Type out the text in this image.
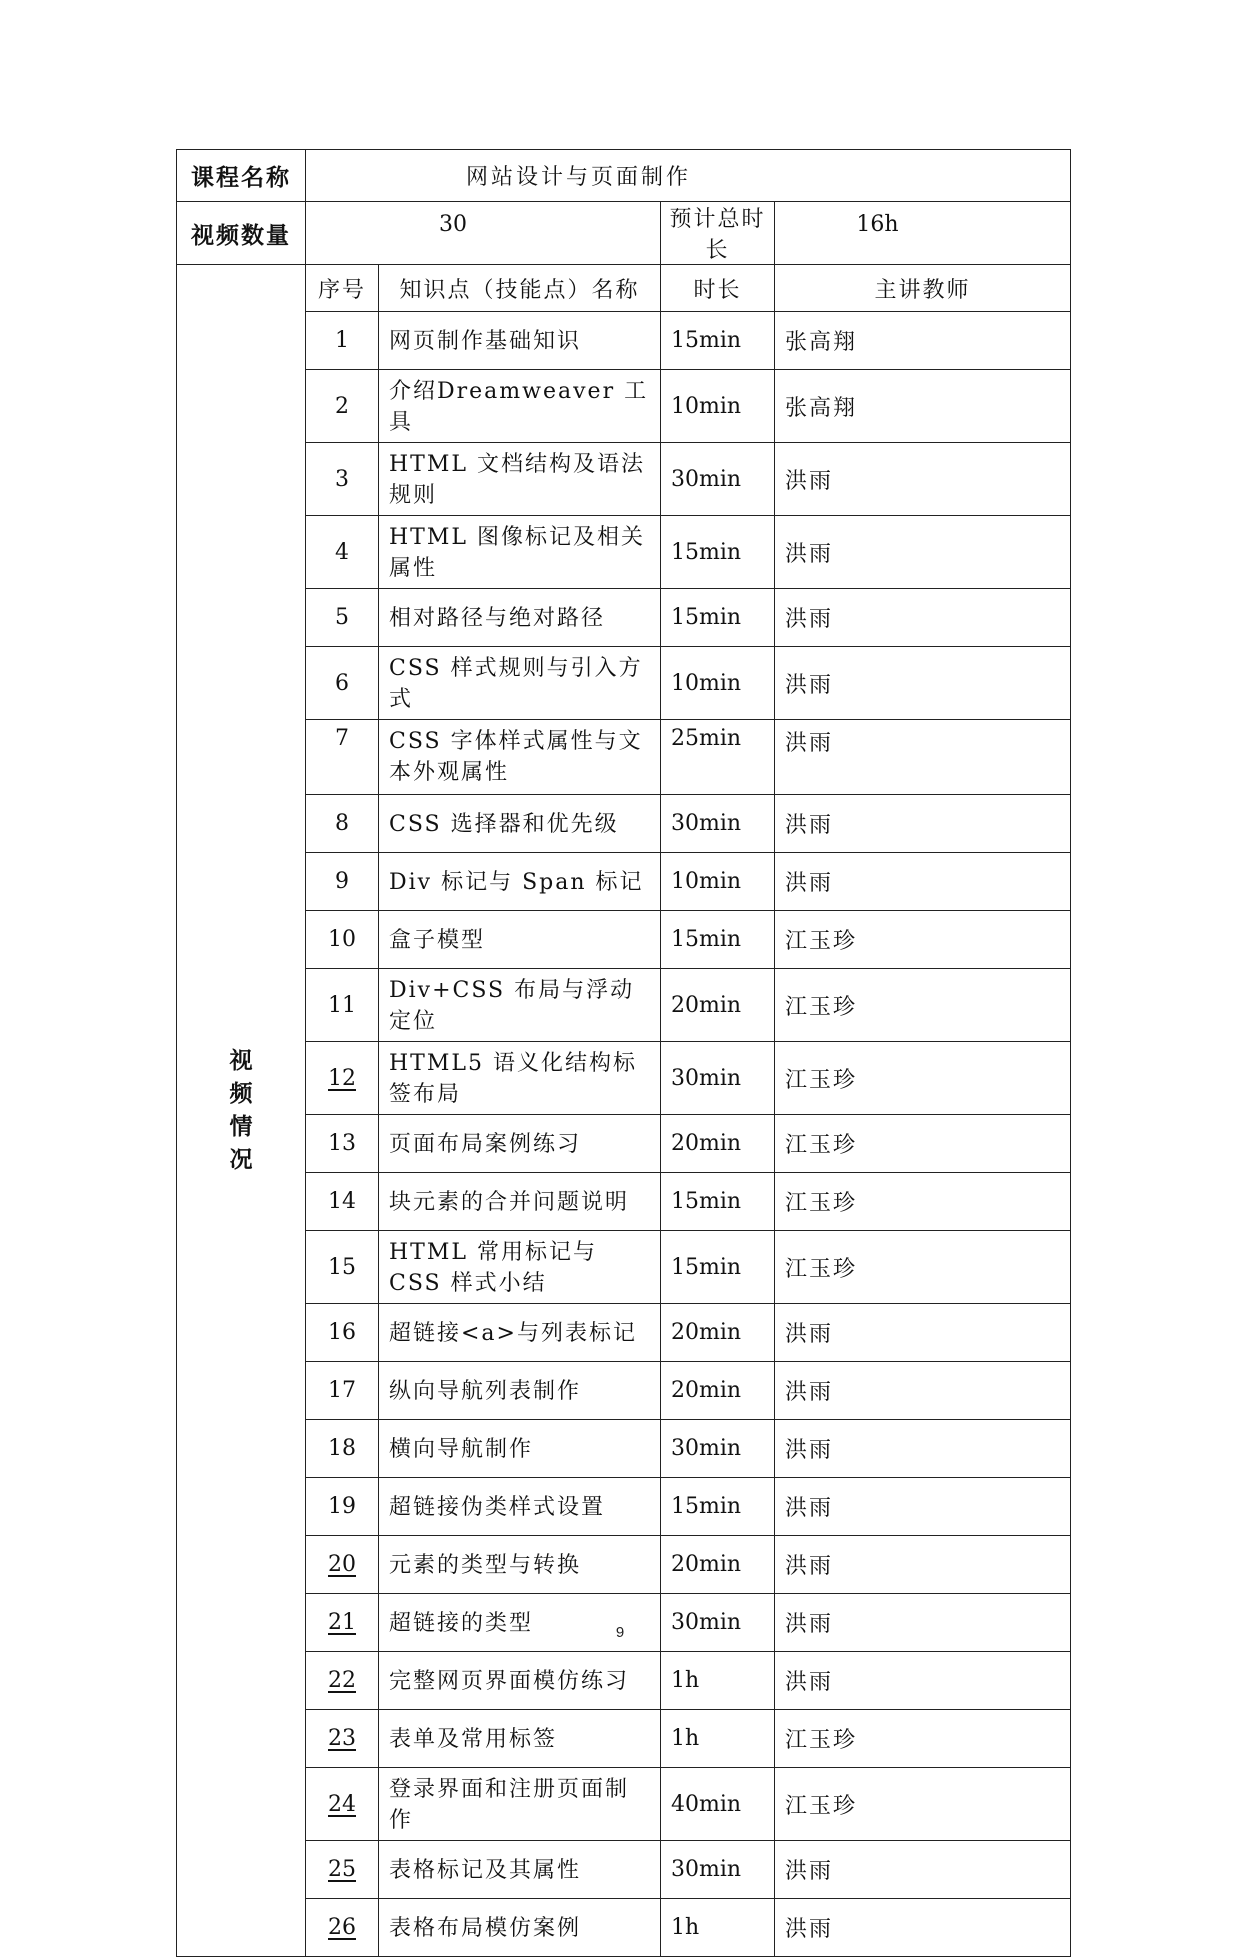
课程名称	网站设计与页面制作			
视频数量	30		预计总时长	16h

视
频
情
况	序号	知识点（技能点）名称	时长	主讲教师
	1	网页制作基础知识	15min	张高翔
	2	介绍Dreamweaver 工具	10min	张高翔
	3	HTML 文档结构及语法规则	30min	洪雨
	4	HTML 图像标记及相关属性	15min	洪雨
	5	相对路径与绝对路径	15min	洪雨
	6	CSS 样式规则与引入方式	10min	洪雨
	7	CSS 字体样式属性与文本外观属性	25min	洪雨
	8	CSS 选择器和优先级	30min	洪雨
	9	Div 标记与 Span 标记	10min	洪雨
	10	盒子模型	15min	江玉珍
	11	Div+CSS 布局与浮动定位	20min	江玉珍
	12	HTML5 语义化结构标签布局	30min	江玉珍
	13	页面布局案例练习	20min	江玉珍
	14	块元素的合并问题说明	15min	江玉珍
	15	HTML 常用标记与 CSS 样式小结	15min	江玉珍
	16	超链接<a>与列表标记	20min	洪雨
	17	纵向导航列表制作	20min	洪雨
	18	横向导航制作	30min	洪雨
	19	超链接伪类样式设置	15min	洪雨
	20	元素的类型与转换	20min	洪雨
	21	超链接的类型	30min	洪雨
	22	完整网页界面模仿练习	1h	洪雨
	23	表单及常用标签	1h	江玉珍
	24	登录界面和注册页面制作	40min	江玉珍
	25	表格标记及其属性	30min	洪雨
	26	表格布局模仿案例	1h	洪雨
9
